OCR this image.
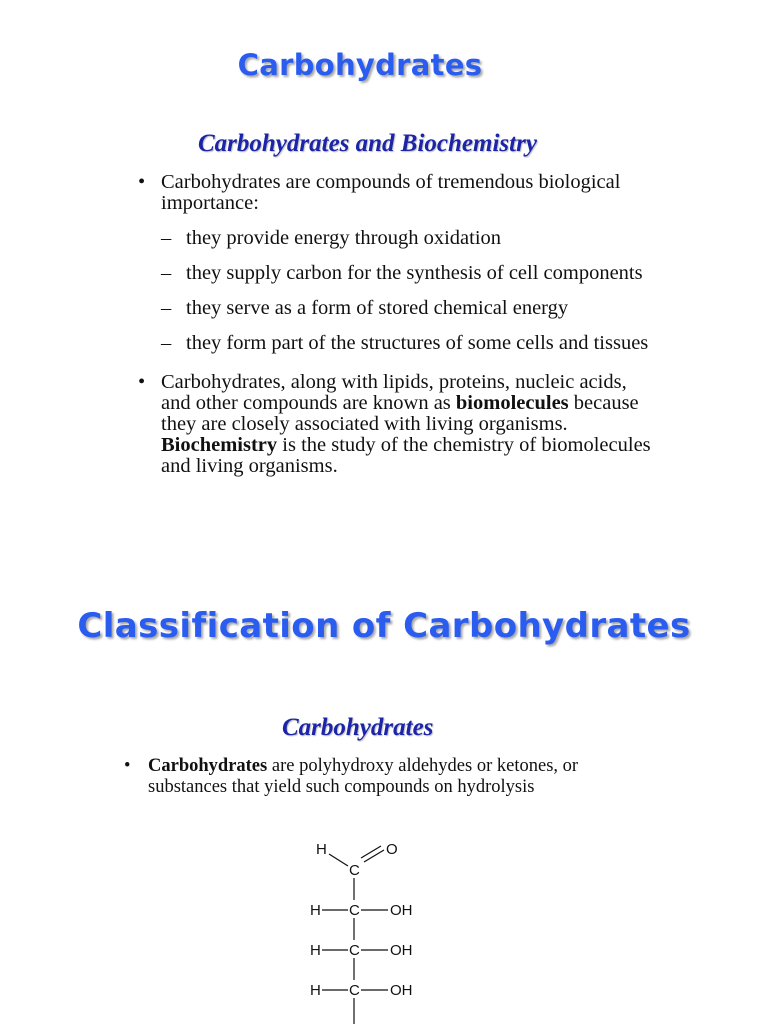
Carbohydrates
Carbohydrates and Biochemistry
• Carbohydrates are compounds of tremendous biological importance:
– they provide energy through oxidation
– they supply carbon for the synthesis of cell components
– they serve as a form of stored chemical energy
– they form part of the structures of some cells and tissues
• Carbohydrates, along with lipids, proteins, nucleic acids, and other compounds are known as biomolecules because they are closely associated with living organisms. Biochemistry is the study of the chemistry of biomolecules and living organisms.
Classification of Carbohydrates
Carbohydrates
• Carbohydrates are polyhydroxy aldehydes or ketones, or substances that yield such compounds on hydrolysis
H	O
C
H C OH
H C OH
H C OH
